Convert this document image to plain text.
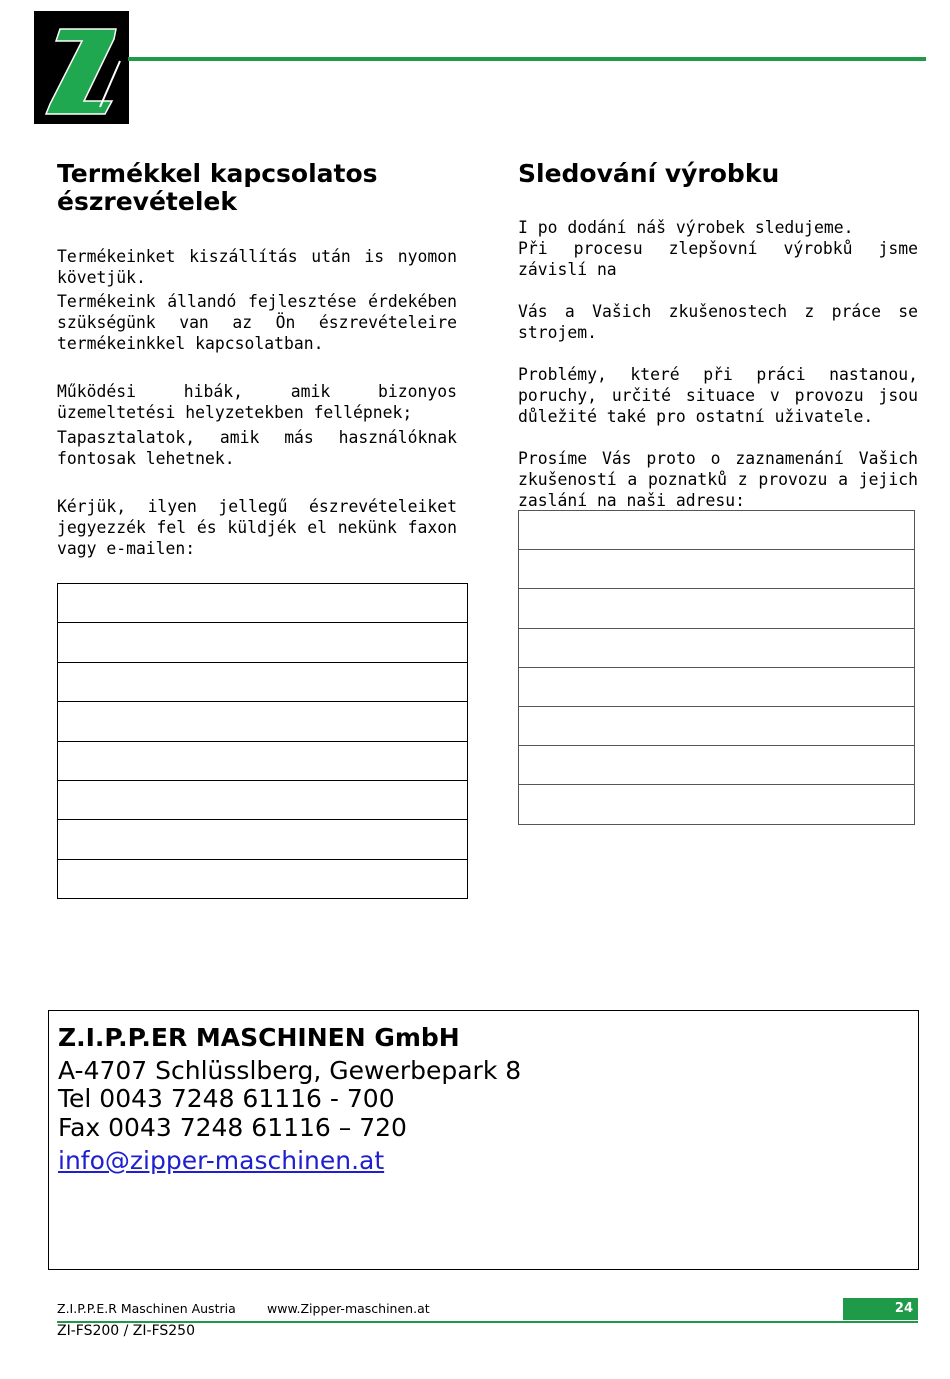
Termékkel kapcsolatos észrevételek

Termékeinket kiszállítás után is nyomon követjük.

Termékeink állandó fejlesztése érdekében szükségünk van az Ön észrevételeire termékeinkkel kapcsolatban.

Működési hibák, amik bizonyos üzemeltetési helyzetekben fellépnek;

Tapasztalatok, amik más használóknak fontosak lehetnek.

Kérjük, ilyen jellegű észrevételeiket jegyezzék fel és küldjék el nekünk faxon vagy e-mailen:

Sledování výrobku

I po dodání náš výrobek sledujeme.

Při procesu zlepšovní výrobků jsme závislí na

Vás a Vašich zkušenostech z práce se strojem.

Problémy, které při práci nastanou, poruchy, určité situace v provozu jsou důležité také pro ostatní uživatele.

Prosíme Vás proto o zaznamenání Vašich zkušeností a poznatků z provozu a jejich zaslání na naši adresu:

Z.I.P.P.ER MASCHINEN GmbH
A-4707 Schlüsslberg, Gewerbepark 8
Tel 0043 7248 61116 - 700
Fax 0043 7248 61116 – 720
info@zipper-maschinen.at
Z.I.P.P.E.R Maschinen Austria	www.Zipper-maschinen.at	24
ZI-FS200 / ZI-FS250
